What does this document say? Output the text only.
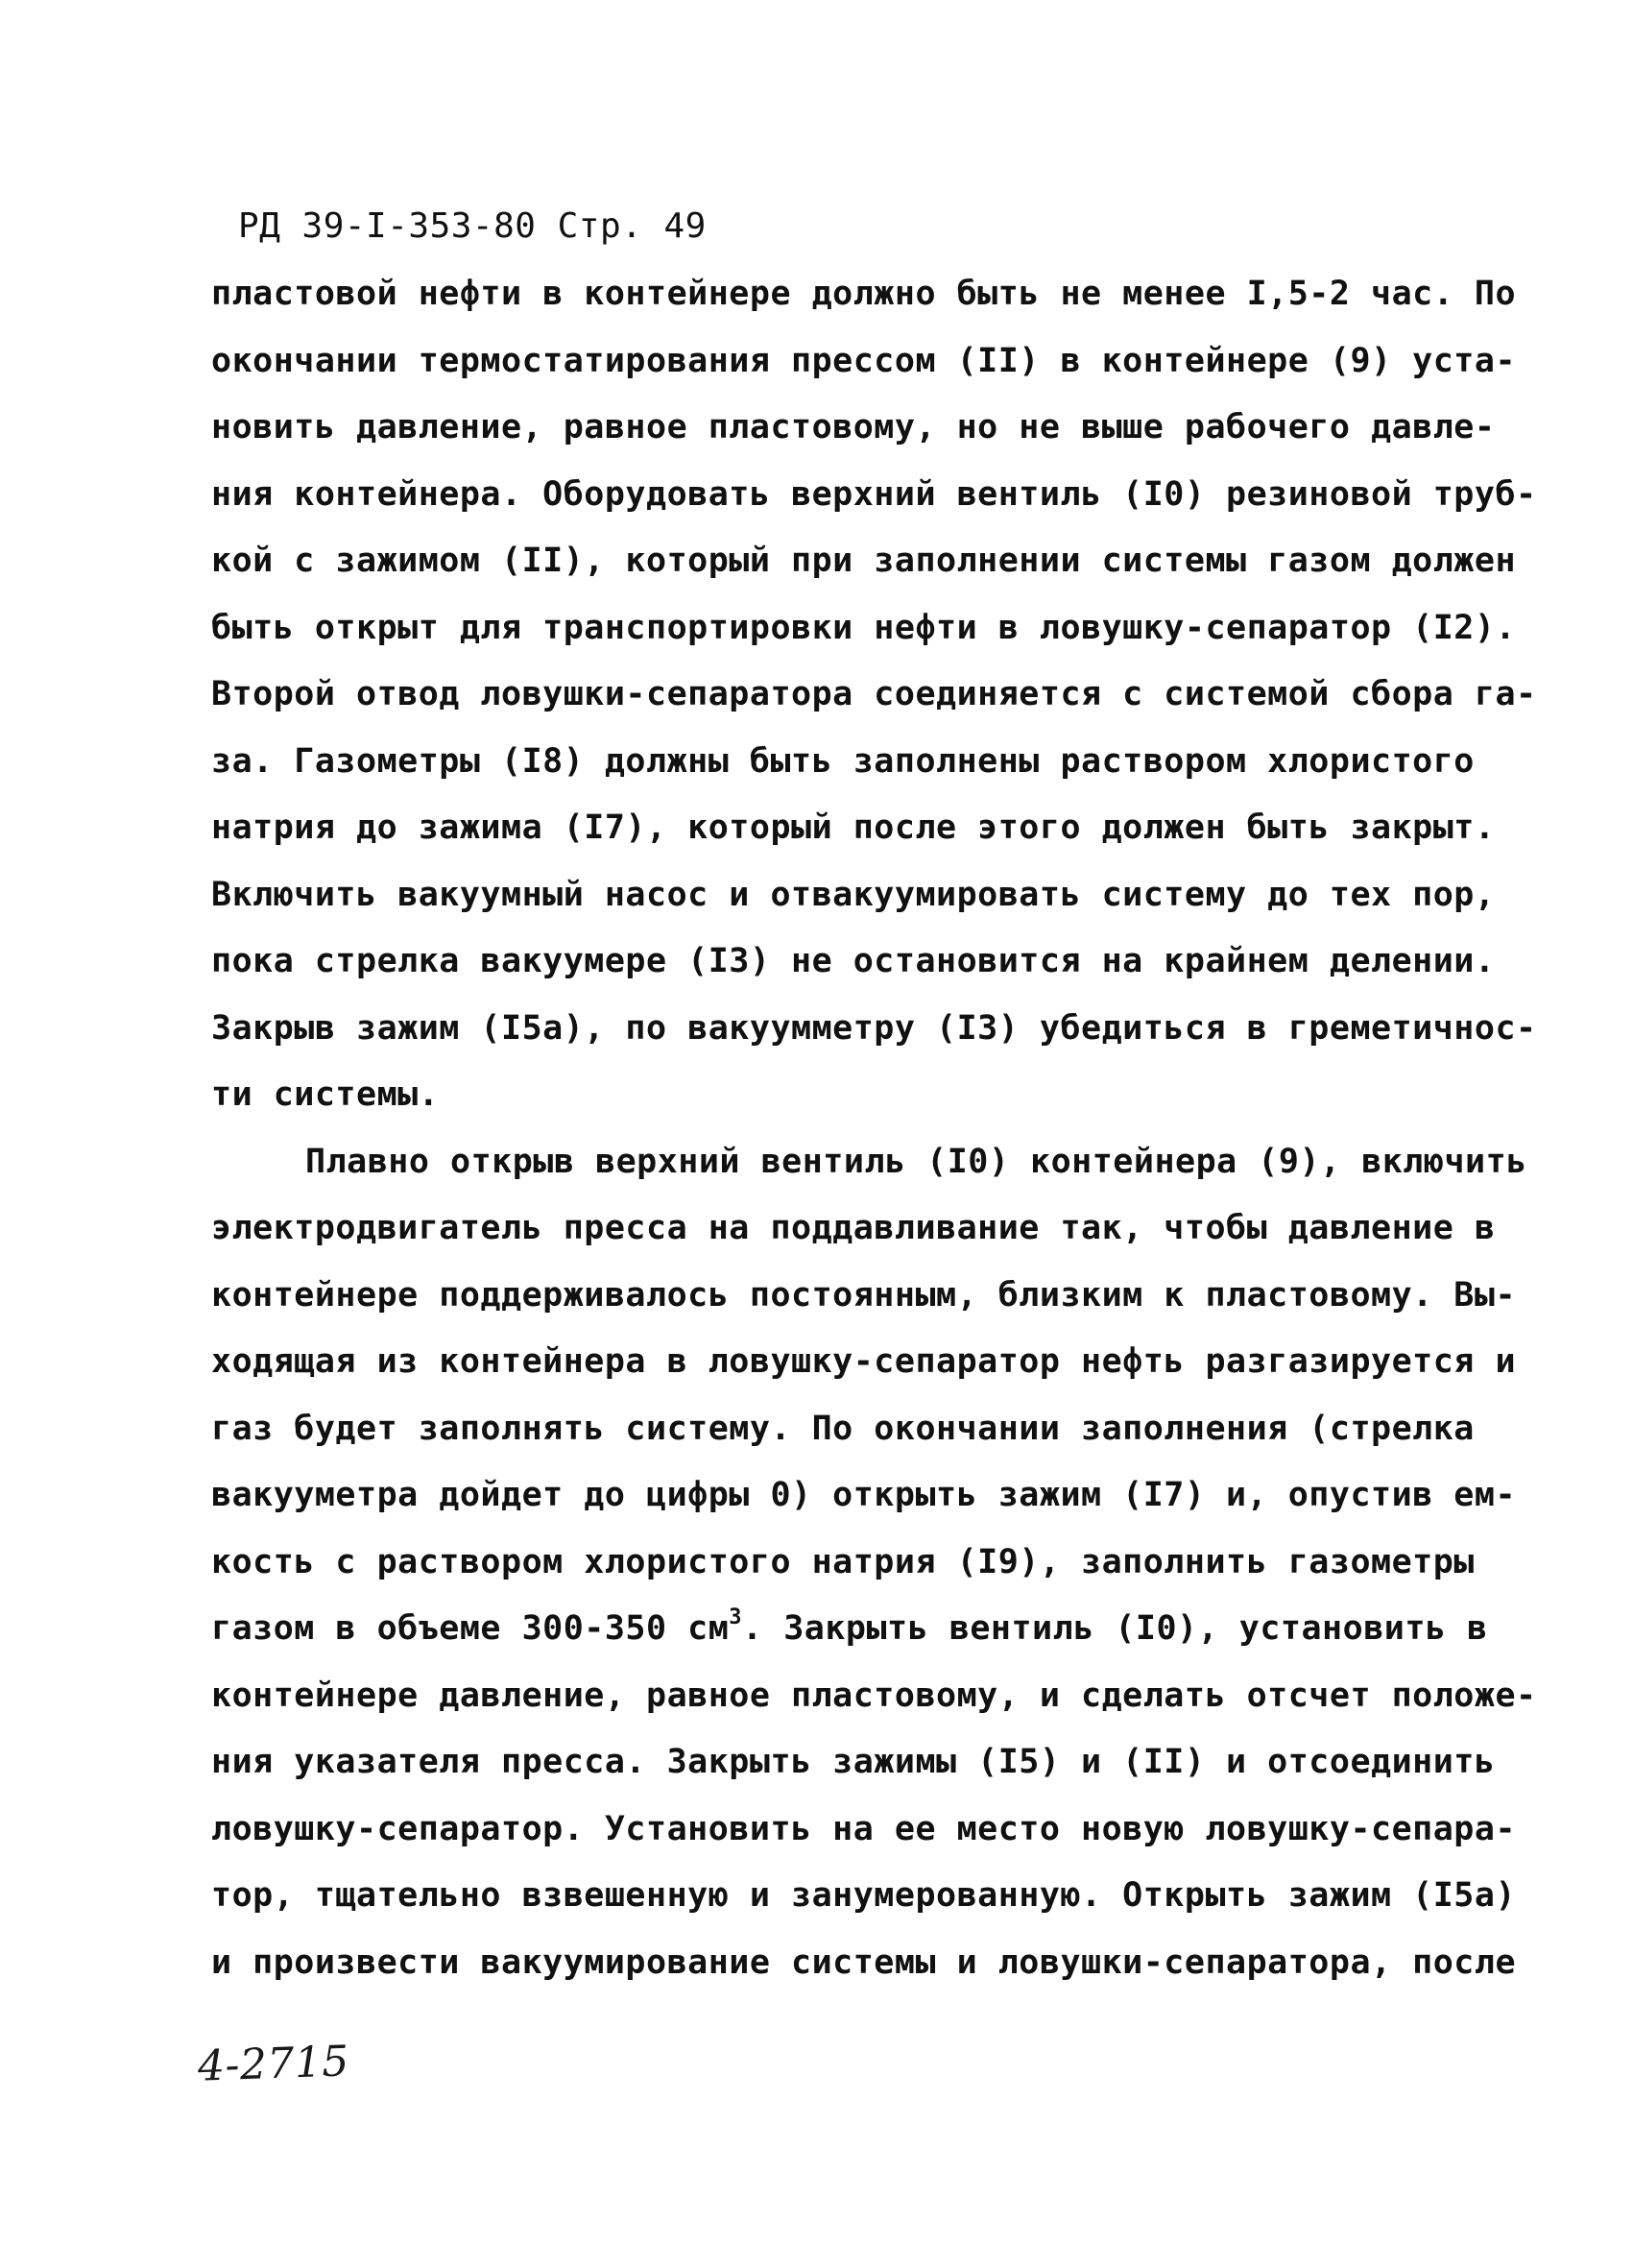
РД 39-I-353-80 Стр. 49
пластовой нефти в контейнере должно быть не менее I,5-2 час. По
окончании термостатирования прессом (II) в контейнере (9) уста-
новить давление, равное пластовому, но не выше рабочего давле-
ния контейнера. Оборудовать верхний вентиль (I0) резиновой труб-
кой с зажимом (II), который при заполнении системы газом должен
быть открыт для транспортировки нефти в ловушку-сепаратор (I2).
Второй отвод ловушки-сепаратора соединяется с системой сбора га-
за. Газометры (I8) должны быть заполнены раствором хлористого
натрия до зажима (I7), который после этого должен быть закрыт.
Включить вакуумный насос и отвакуумировать систему до тех пор,
пока стрелка вакуумере (I3) не остановится на крайнем делении.
Закрыв зажим (I5а), по вакуумметру (I3) убедиться в греметичнос-
ти системы.
Плавно открыв верхний вентиль (I0) контейнера (9), включить
электродвигатель пресса на поддавливание так, чтобы давление в
контейнере поддерживалось постоянным, близким к пластовому. Вы-
ходящая из контейнера в ловушку-сепаратор нефть разгазируется и
газ будет заполнять систему. По окончании заполнения (стрелка
вакууметра дойдет до цифры 0) открыть зажим (I7) и, опустив ем-
кость с раствором хлористого натрия (I9), заполнить газометры
газом в объеме 300-350 $см^3$. Закрыть вентиль (I0), установить в
контейнере давление, равное пластовому, и сделать отсчет положе-
ния указателя пресса. Закрыть зажимы (I5) и (II) и отсоединить
ловушку-сепаратор. Установить на ее место новую ловушку-сепара-
тор, тщательно взвешенную и занумерованную. Открыть зажим (I5а)
и произвести вакуумирование системы и ловушки-сепаратора, после
4-2715
